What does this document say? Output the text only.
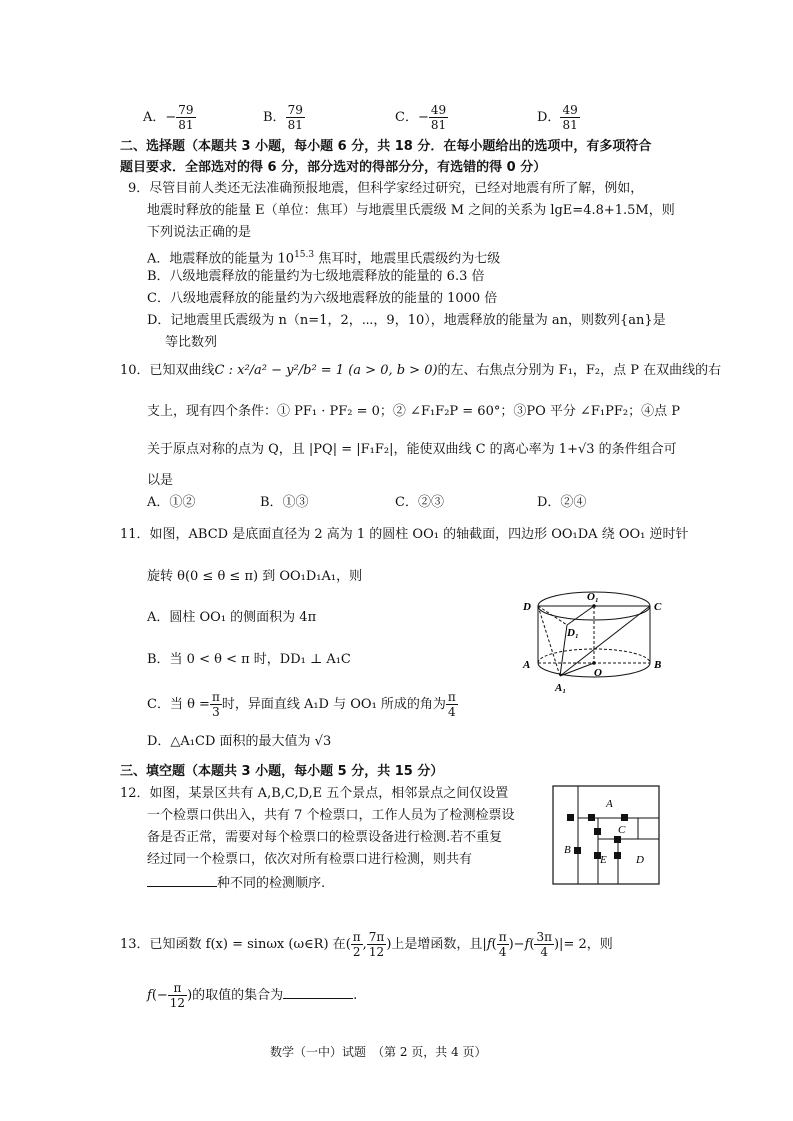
A．− $\frac{79}{81}$	B． $\frac{79}{81}$	C．− $\frac{49}{81}$	D． $\frac{49}{81}$
二、选择题（本题共 3 小题，每小题 6 分，共 18 分．在每小题给出的选项中，有多项符合
题目要求．全部选对的得 6 分，部分选对的得部分分，有选错的得 0 分）
9．尽管目前人类还无法准确预报地震，但科学家经过研究，已经对地震有所了解，例如，
地震时释放的能量 E（单位：焦耳）与地震里氏震级 M 之间的关系为 lgE=4.8+1.5M，则
下列说法正确的是
A．地震释放的能量为 $10^{15.3}$ 焦耳时，地震里氏震级约为七级
B．八级地震释放的能量约为七级地震释放的能量的 6.3 倍
C．八级地震释放的能量约为六级地震释放的能量的 1000 倍
D．记地震里氏震级为 n（n=1，2，⋯，9，10），地震释放的能量为 an，则数列{an}是
等比数列
10．已知双曲线C : x²/a² − y²/b² = 1 (a > 0, b > 0)的左、右焦点分别为 F₁，F₂，点 P 在双曲线的右
支上，现有四个条件：① PF₁ · PF₂ = 0；② ∠F₁F₂P = 60°；③PO 平分 ∠F₁PF₂；④点 P
关于原点对称的点为 Q，且 |PQ| = |F₁F₂|，能使双曲线 C 的离心率为 1+√3 的条件组合可
以是
A．①②	B．①③	C．②③	D．②④
11．如图，ABCD 是底面直径为 2 高为 1 的圆柱 OO₁ 的轴截面，四边形 OO₁DA 绕 OO₁ 逆时针
旋转 θ(0 ≤ θ ≤ π) 到 OO₁D₁A₁，则
A．圆柱 OO₁ 的侧面积为 4π
B．当 0 < θ < π 时，DD₁ ⊥ A₁C
C．当 $\theta = \frac{\pi}{3}$ 时，异面直线 A₁D 与 OO₁ 所成的角为 $\frac{\pi}{4}$
D．△A₁CD 面积的最大值为 √3
D
O₁
C
D₁
A
O
B
A₁
三、填空题（本题共 3 小题，每小题 5 分，共 15 分）
12．如图，某景区共有 A,B,C,D,E 五个景点，相邻景点之间仅设置
一个检票口供出入，共有 7 个检票口，工作人员为了检测检票设
备是否正常，需要对每个检票口的检票设备进行检测.若不重复
经过同一个检票口，依次对所有检票口进行检测，则共有
种不同的检测顺序.
A
B
C
D
E
13．已知函数 f(x) = sinωx (ω∈R) 在( $\frac{\pi}{2}$ , $\frac{7\pi}{12}$ )上是增函数，且$|f( \frac{\pi}{4} )-f( \frac{3\pi}{4}$ )|= 2，则
$f(- \frac{\pi}{12}$ )的取值的集合为	.
数学（一中）试题　（第 2 页，共 4 页）
